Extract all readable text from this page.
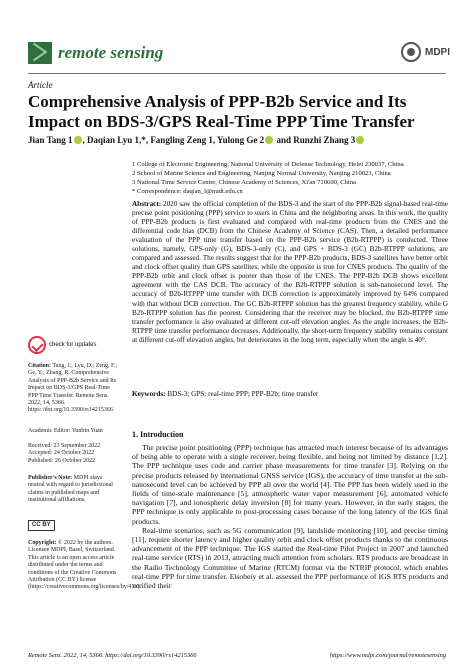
remote sensing	MDPI
Article
Comprehensive Analysis of PPP-B2b Service and Its Impact on BDS-3/GPS Real-Time PPP Time Transfer
Jian Tang 1 , Daqian Lyu 1,*, Fangling Zeng 1, Yulong Ge 2 and Runzhi Zhang 3
1 College of Electronic Engineering, National University of Defense Technology, Hefei 230037, China
2 School of Marine Science and Engineering, Nanjing Normal University, Nanjing 210023, China
3 National Time Service Center, Chinese Academy of Sciences, Xi'an 710600, China
* Correspondence: daqian_l@nudt.edu.cn
Abstract: 2020 saw the official completion of the BDS-3 and the start of the PPP-B2b signal-based real-time precise point positioning (PPP) service to users in China and the neighboring areas. In this work, the quality of PPP-B2b products is first evaluated and compared with real-time products from the CNES and the differential code bias (DCB) from the Chinese Academy of Science (CAS). Then, a detailed performance evaluation of the PPP time transfer based on the PPP-B2b service (B2b-RTPPP) is conducted. Three solutions, namely, GPS-only (G), BDS-3-only (C), and GPS + BDS-3 (GC) B2b-RTPPP solutions, are compared and assessed. The results suggest that for the PPP-B2b products, BDS-3 satellites have better orbit and clock offset quality than GPS satellites, while the opposite is true for CNES products. The quality of the PPP-B2b orbit and clock offset is poorer than those of the CNES. The PPP-B2b DCB shows excellent agreement with the CAS DCB. The accuracy of the B2b-RTPPP solution is sub-nanosecond level. The accuracy of B2b-RTPPP time transfer with DCB correction is approximately improved by 64% compared with that without DCB correction. The GC B2b-RTPPP solution has the greatest frequency stability, while G B2b-RTPPP solution has the poorest. Considering that the receiver may be blocked, the B2b-RTPPP time transfer performance is also evaluated at different cut-off elevation angles. As the angle increases, the B2b-RTPPP time transfer performance decreases. Additionally, the short-term frequency stability remains constant at different cut-off elevation angles, but deteriorates in the long term, especially when the angle is 40°.
Keywords: BDS-3; GPS; real-time PPP; PPP-B2b; time transfer
1. Introduction

The precise point positioning (PPP) technique has attracted much interest because of its advantages of being able to operate with a single receiver, being flexible, and being not limited by distance [1,2]. The PPP technique uses code and carrier phase measurements for time transfer [3]. Relying on the precise products released by international GNSS service (IGS), the accuracy of time transfer at the sub-nanosecond level can be achieved by PPP all over the world [4]. The PPP has been widely used in the fields of time-scale maintenance [5], atmospheric water vapor measurement [6], automated vehicle navigation [7], and ionospheric delay inversion [8] for many years. However, in the early stages, the PPP technique is only applicable to post-processing cases because of the long latency of the IGS final products.

Real-time scenarios, such as 5G communication [9], landslide monitoring [10], and precise timing [11], require shorter latency and higher quality orbit and clock offset products thanks to the continuous advancement of the PPP technique. The IGS started the Real-time Pilot Project in 2007 and launched real-time service (RTS) in 2013, attracting much attention from scholars. RTS products are broadcast in the Radio Technology Committee of Marine (RTCM) format via the NTRIP protocol, which enables real-time PPP for time transfer. Elsobeiy et al. assessed the PPP performance of IGS RTS products and verified their

check for updates
Citation: Tang, J.; Lyu, D.; Zeng, F.; Ge, Y.; Zhang, R. Comprehensive Analysis of PPP-B2b Service and Its Impact on BDS-3/GPS Real-Time PPP Time Transfer. Remote Sens. 2022, 14, 5366. https://doi.org/10.3390/rs14215366
Academic Editor: Yunbin Yuan
Received: 23 September 2022
Accepted: 24 October 2022
Published: 26 October 2022
Publisher's Note: MDPI stays neutral with regard to jurisdictional claims in published maps and institutional affiliations.
CC BY
Copyright: © 2022 by the authors. Licensee MDPI, Basel, Switzerland. This article is an open access article distributed under the terms and conditions of the Creative Commons Attribution (CC BY) license (https://creativecommons.org/licenses/by/4.0/).
Remote Sens. 2022, 14, 5366. https://doi.org/10.3390/rs14215366	https://www.mdpi.com/journal/remotesensing
